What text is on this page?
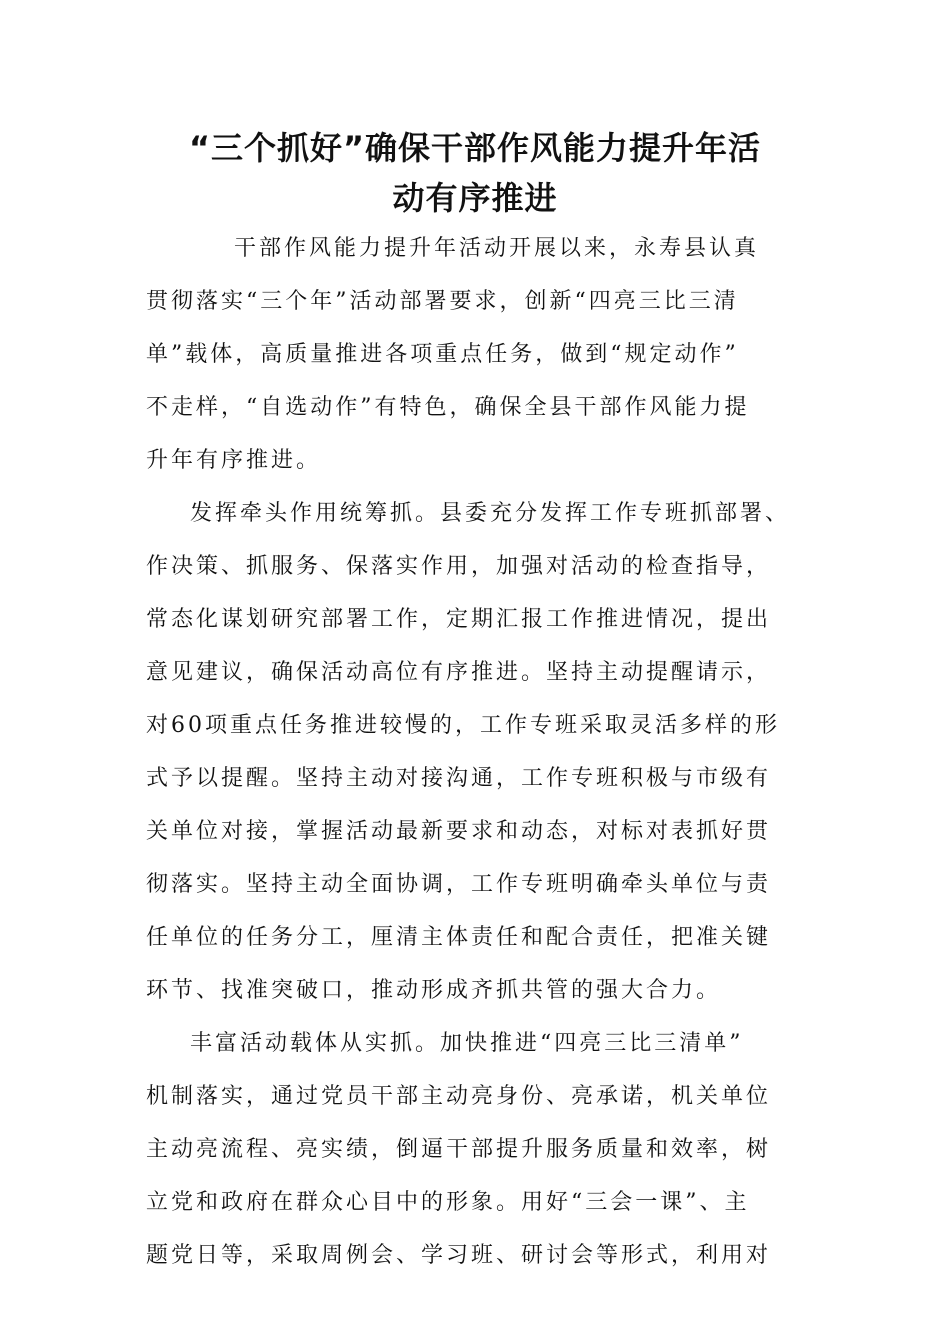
“三个抓好”确保干部作风能力提升年活
动有序推进

干部作风能力提升年活动开展以来，永寿县认真

贯彻落实“三个年”活动部署要求，创新“四亮三比三清

单”载体，高质量推进各项重点任务，做到“规定动作”

不走样，“自选动作”有特色，确保全县干部作风能力提

升年有序推进。

发挥牵头作用统筹抓。县委充分发挥工作专班抓部署、

作决策、抓服务、保落实作用，加强对活动的检查指导，

常态化谋划研究部署工作，定期汇报工作推进情况，提出

意见建议，确保活动高位有序推进。坚持主动提醒请示，

对60项重点任务推进较慢的，工作专班采取灵活多样的形

式予以提醒。坚持主动对接沟通，工作专班积极与市级有

关单位对接，掌握活动最新要求和动态，对标对表抓好贯

彻落实。坚持主动全面协调，工作专班明确牵头单位与责

任单位的任务分工，厘清主体责任和配合责任，把准关键

环节、找准突破口，推动形成齐抓共管的强大合力。

丰富活动载体从实抓。加快推进“四亮三比三清单”

机制落实，通过党员干部主动亮身份、亮承诺，机关单位

主动亮流程、亮实绩，倒逼干部提升服务质量和效率，树

立党和政府在群众心目中的形象。用好“三会一课”、主

题党日等，采取周例会、学习班、研讨会等形式，利用对
